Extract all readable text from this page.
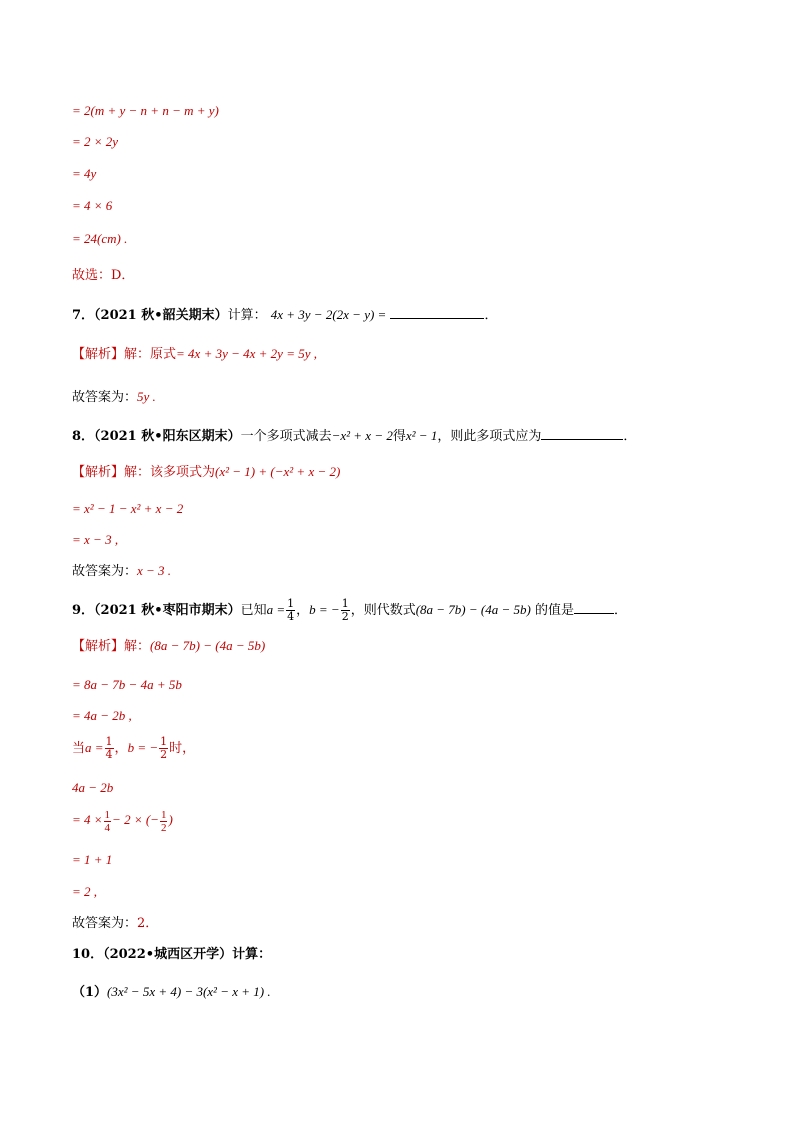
= 2(m + y − n + n − m + y)
= 2 × 2y
= 4y
= 4 × 6
= 24(cm) .
故选：D．
7．（2021 秋•韶关期末）计算： 4x + 3y − 2(2x − y) =	．
【解析】解：原式= 4x + 3y − 4x + 2y = 5y ,
故答案为：5y .
8．（2021 秋•阳东区期末）一个多项式减去−x² + x − 2得x² − 1，则此多项式应为	．
【解析】解：该多项式为(x² − 1) + (−x² + x − 2)
= x² − 1 − x² + x − 2
= x − 3 ,
故答案为：x − 3 .
9．（2021 秋•枣阳市期末）已知$a = \frac{1}{4}$ ，b = − $\frac{1}{2}$ ，则代数式(8a − 7b) − (4a − 5b) 的值是	．
【解析】解：(8a − 7b) − (4a − 5b)
= 8a − 7b − 4a + 5b
= 4a − 2b ,
当$a = \frac{1}{4}$ ，b = − $\frac{1}{2}$ 时，
4a − 2b
= $4 \times \frac{1}{4} - 2$ × (− $\frac{1}{2}$ )
= 1 + 1
= 2 ,
故答案为：2．
10．（2022•城西区开学）计算：
（1）(3x² − 5x + 4) − 3(x² − x + 1) .
